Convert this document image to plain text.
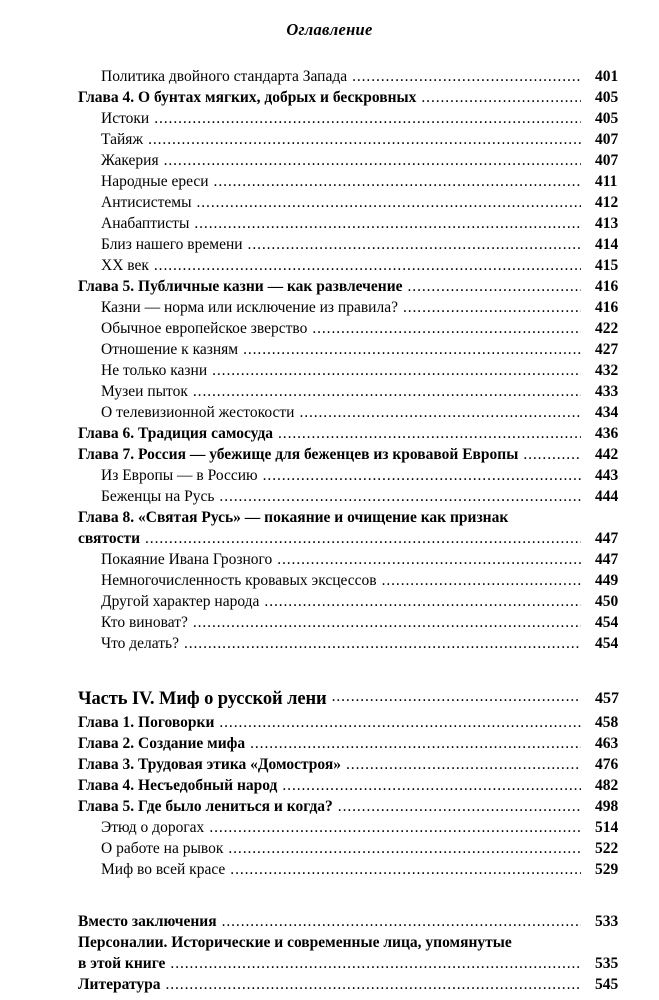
Оглавление
Политика двойного стандарта Запада .....	401
Глава 4. О бунтах мягких, добрых и бескровных .....	405
Истоки .....	405
Тайяж .....	407
Жакерия .....	407
Народные ереси .....	411
Антисистемы .....	412
Анабаптисты .....	413
Близ нашего времени .....	414
XX век .....	415
Глава 5. Публичные казни — как развлечение .....	416
Казни — норма или исключение из правила? .....	416
Обычное европейское зверство .....	422
Отношение к казням .....	427
Не только казни .....	432
Музеи пыток .....	433
О телевизионной жестокости .....	434
Глава 6. Традиция самосуда .....	436
Глава 7. Россия — убежище для беженцев из кровавой Европы .....	442
Из Европы — в Россию .....	443
Беженцы на Русь .....	444
Глава 8. «Святая Русь» — покаяние и очищение как признак
святости .....	447
Покаяние Ивана Грозного .....	447
Немногочисленность кровавых эксцессов .....	449
Другой характер народа .....	450
Кто виноват? .....	454
Что делать? .....	454
Часть IV. Миф о русской лени .....	457
Глава 1. Поговорки .....	458
Глава 2. Создание мифа .....	463
Глава 3. Трудовая этика «Домостроя» .....	476
Глава 4. Несъедобный народ .....	482
Глава 5. Где было лениться и когда? .....	498
Этюд о дорогах .....	514
О работе на рывок .....	522
Миф во всей красе .....	529
Вместо заключения .....	533
Персоналии. Исторические и современные лица, упомянутые
в этой книге .....	535
Литература .....	545
